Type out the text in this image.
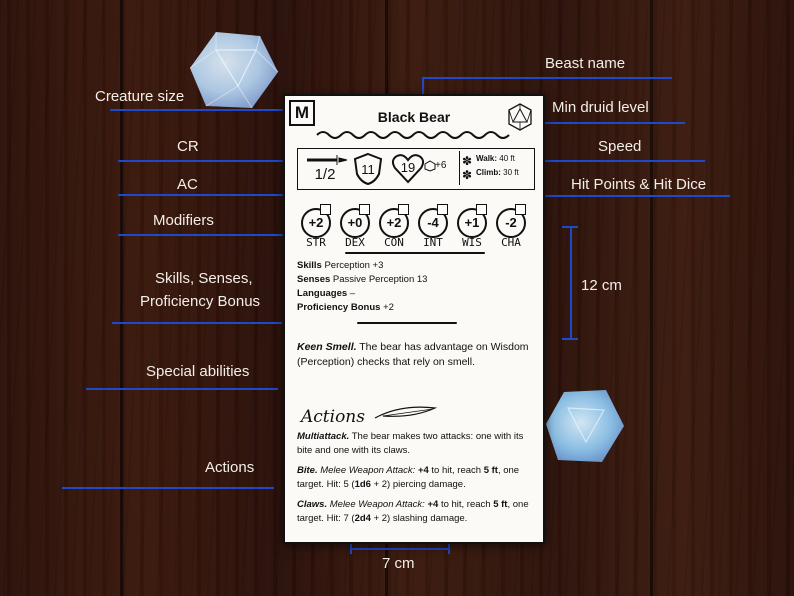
Beast name
Creature size
Min druid level
CR	Speed
AC	Hit Points & Hit Dice
Modifiers
Skills, Senses,
Proficiency Bonus
12 cm
Special abilities
Actions
7 cm
M	Black Bear
1/2	11	19	+6 ✽
✽
Walk: 40 ft
Climb: 30 ft
+2
STR
+0
DEX
+2
CON
-4
INT
+1
WIS
-2
CHA
Skills Perception +3
Senses Passive Perception 13
Languages –
Proficiency Bonus +2
Keen Smell. The bear has advantage on Wisdom (Perception) checks that rely on smell.
Actions
Multiattack. The bear makes two attacks: one with its bite and one with its claws.
Bite. Melee Weapon Attack: +4 to hit, reach 5 ft, one target. Hit: 5 (1d6 + 2) piercing damage.
Claws. Melee Weapon Attack: +4 to hit, reach 5 ft, one target. Hit: 7 (2d4 + 2) slashing damage.
